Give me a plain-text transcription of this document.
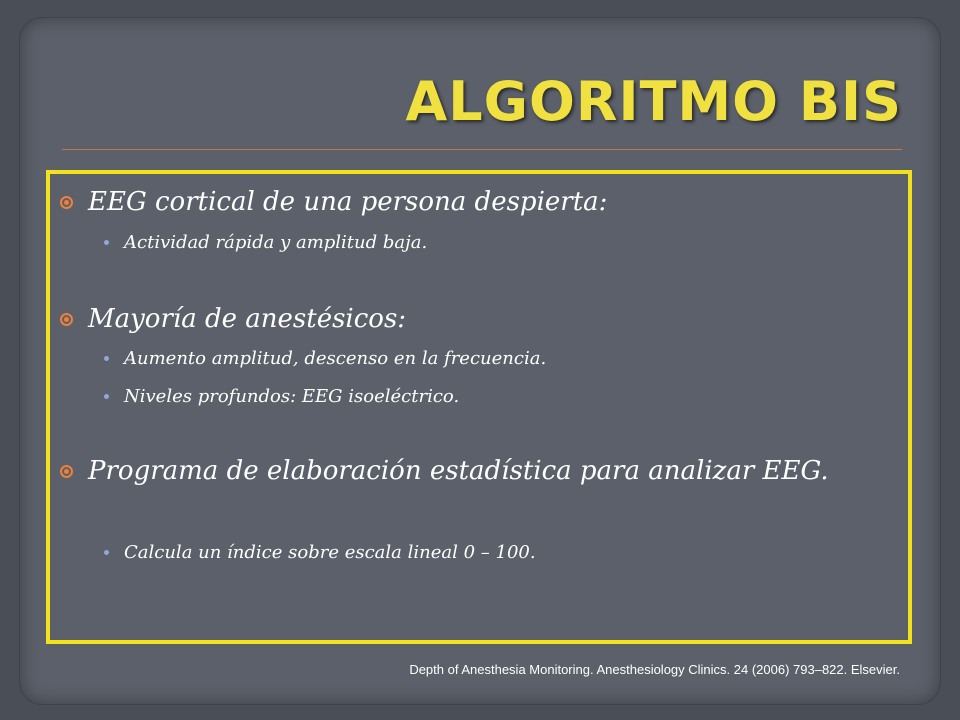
ALGORITMO BIS
EEG cortical de una persona despierta:
Actividad rápida y amplitud baja.
Mayoría de anestésicos:
Aumento amplitud, descenso en la frecuencia.
Niveles profundos: EEG isoeléctrico.
Programa de elaboración estadística para analizar EEG.
Calcula un índice sobre escala lineal 0 – 100.
Depth of Anesthesia Monitoring. Anesthesiology Clinics. 24 (2006) 793–822. Elsevier.
